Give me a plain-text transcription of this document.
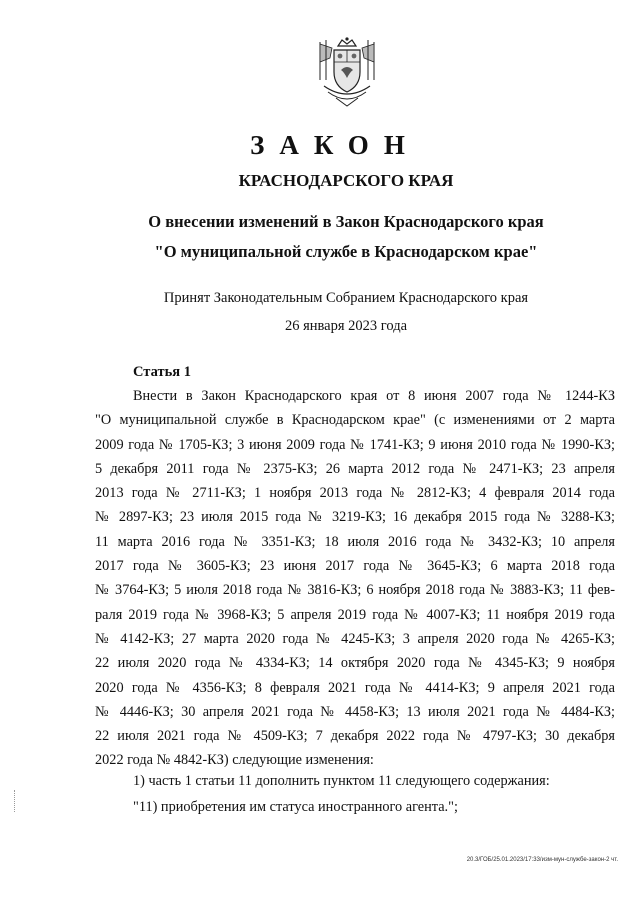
ЗАКОН
КРАСНОДАРСКОГО КРАЯ
О внесении изменений в Закон Краснодарского края
"О муниципальной службе в Краснодарском крае"
Принят Законодательным Собранием Краснодарского края
26 января 2023 года
Статья 1
Внести в Закон Краснодарского края от 8 июня 2007 года № 1244-КЗ
"О муниципальной службе в Краснодарском крае" (с изменениями от 2 марта
2009 года № 1705-КЗ; 3 июня 2009 года № 1741-КЗ; 9 июня 2010 года № 1990-КЗ;
5 декабря 2011 года № 2375-КЗ; 26 марта 2012 года № 2471-КЗ; 23 апреля
2013 года № 2711-КЗ; 1 ноября 2013 года № 2812-КЗ; 4 февраля 2014 года
№ 2897-КЗ; 23 июля 2015 года № 3219-КЗ; 16 декабря 2015 года № 3288-КЗ;
11 марта 2016 года № 3351-КЗ; 18 июля 2016 года № 3432-КЗ; 10 апреля
2017 года № 3605-КЗ; 23 июня 2017 года № 3645-КЗ; 6 марта 2018 года
№ 3764-КЗ; 5 июля 2018 года № 3816-КЗ; 6 ноября 2018 года № 3883-КЗ; 11 фев-
раля 2019 года № 3968-КЗ; 5 апреля 2019 года № 4007-КЗ; 11 ноября 2019 года
№ 4142-КЗ; 27 марта 2020 года № 4245-КЗ; 3 апреля 2020 года № 4265-КЗ;
22 июля 2020 года № 4334-КЗ; 14 октября 2020 года № 4345-КЗ; 9 ноября
2020 года № 4356-КЗ; 8 февраля 2021 года № 4414-КЗ; 9 апреля 2021 года
№ 4446-КЗ; 30 апреля 2021 года № 4458-КЗ; 13 июля 2021 года № 4484-КЗ;
22 июля 2021 года № 4509-КЗ; 7 декабря 2022 года № 4797-КЗ; 30 декабря
2022 года № 4842-КЗ) следующие изменения:
1) часть 1 статьи 11 дополнить пунктом 11 следующего содержания:
"11) приобретения им статуса иностранного агента.";
20.3/ГОБ/25.01.2023/17:33/изм-мун-службе-закон-2 чт.
